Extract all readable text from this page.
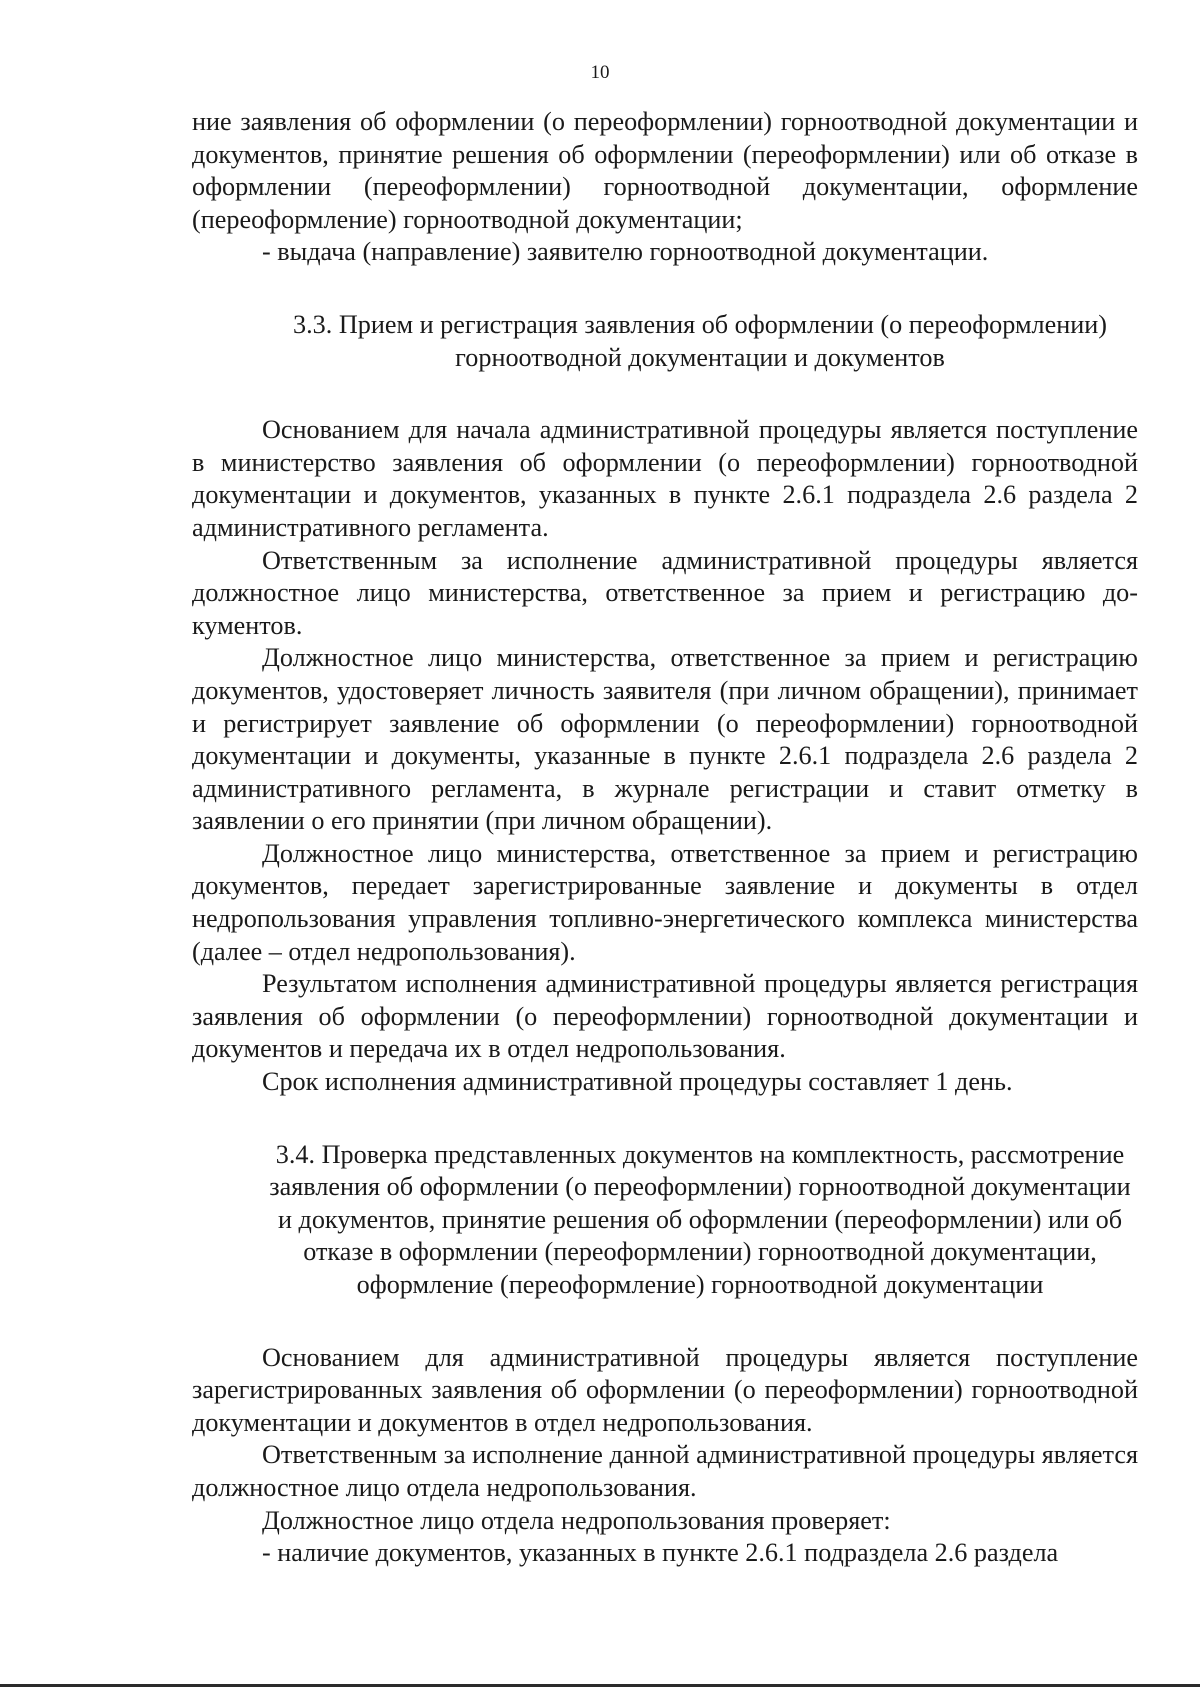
10

ние заявления об оформлении (о переоформлении) горноотводной документации и документов, принятие решения об оформлении (переоформлении) или об отказе в оформлении (переоформлении) горноотводной документации, оформление (переоформление) горноотводной документации;

- выдача (направление) заявителю горноотводной документации.

3.3. Прием и регистрация заявления об оформлении (о переоформлении) горноотводной документации и документов

Основанием для начала административной процедуры является поступление в министерство заявления об оформлении (о переоформлении) горноотводной документации и документов, указанных в пункте 2.6.1 подраздела 2.6 раздела 2 административного регламента.

Ответственным за исполнение административной процедуры является должностное лицо министерства, ответственное за прием и регистрацию документов.

Должностное лицо министерства, ответственное за прием и регистрацию документов, удостоверяет личность заявителя (при личном обращении), принимает и регистрирует заявление об оформлении (о переоформлении) горноотводной документации и документы, указанные в пункте 2.6.1 подраздела 2.6 раздела 2 административного регламента, в журнале регистрации и ставит отметку в заявлении о его принятии (при личном обращении).

Должностное лицо министерства, ответственное за прием и регистрацию документов, передает зарегистрированные заявление и документы в отдел недропользования управления топливно-энергетического комплекса министерства (далее – отдел недропользования).

Результатом исполнения административной процедуры является регистрация заявления об оформлении (о переоформлении) горноотводной документации и документов и передача их в отдел недропользования.

Срок исполнения административной процедуры составляет 1 день.

3.4. Проверка представленных документов на комплектность, рассмотрение заявления об оформлении (о переоформлении) горноотводной документации и документов, принятие решения об оформлении (переоформлении) или об отказе в оформлении (переоформлении) горноотводной документации, оформление (переоформление) горноотводной документации

Основанием для административной процедуры является поступление зарегистрированных заявления об оформлении (о переоформлении) горноотводной документации и документов в отдел недропользования.

Ответственным за исполнение данной административной процедуры является должностное лицо отдела недропользования.

Должностное лицо отдела недропользования проверяет:

- наличие документов, указанных в пункте 2.6.1 подраздела 2.6 раздела
